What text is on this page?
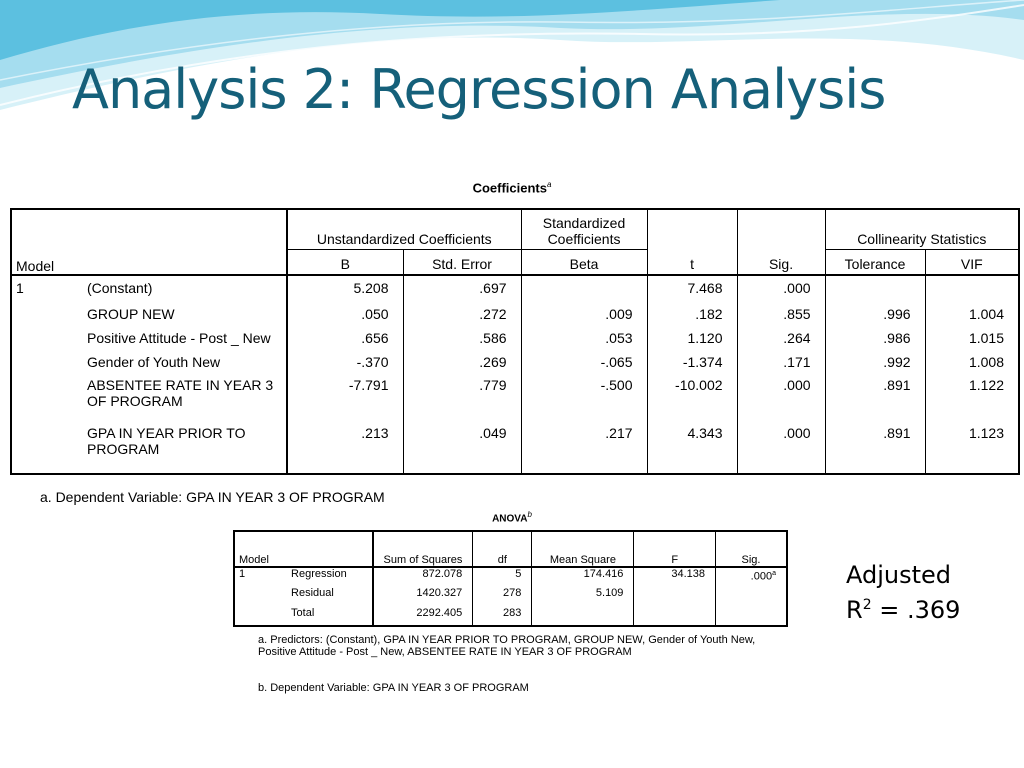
Analysis 2: Regression Analysis
Coefficients$^a$
Model		Unstandardized Coefficients		Standardized Coefficients	t	Sig.	Collinearity Statistics	
		B	Std. Error	Beta			Tolerance	VIF
1	(Constant)	5.208	.697		7.468	.000		
	GROUP NEW	.050	.272	.009	.182	.855	.996	1.004
	Positive Attitude - Post _ New	.656	.586	.053	1.120	.264	.986	1.015
	Gender of Youth New	-.370	.269	-.065	-1.374	.171	.992	1.008
	ABSENTEE RATE IN YEAR 3 OF PROGRAM	-7.791	.779	-.500	-10.002	.000	.891	1.122
	GPA IN YEAR PRIOR TO PROGRAM	.213	.049	.217	4.343	.000	.891	1.123
a. Dependent Variable: GPA IN YEAR 3 OF PROGRAM
ANOVA$^b$
Model		Sum of Squares	df	Mean Square	F	Sig.
1	Regression	872.078	5	174.416	34.138	.000$^a$
	Residual	1420.327	278	5.109		
	Total	2292.405	283			
a. Predictors: (Constant), GPA IN YEAR PRIOR TO PROGRAM, GROUP NEW, Gender of Youth New, Positive Attitude - Post _ New, ABSENTEE RATE IN YEAR 3 OF PROGRAM
b. Dependent Variable: GPA IN YEAR 3 OF PROGRAM
Adjusted
$R^2 = .369$
